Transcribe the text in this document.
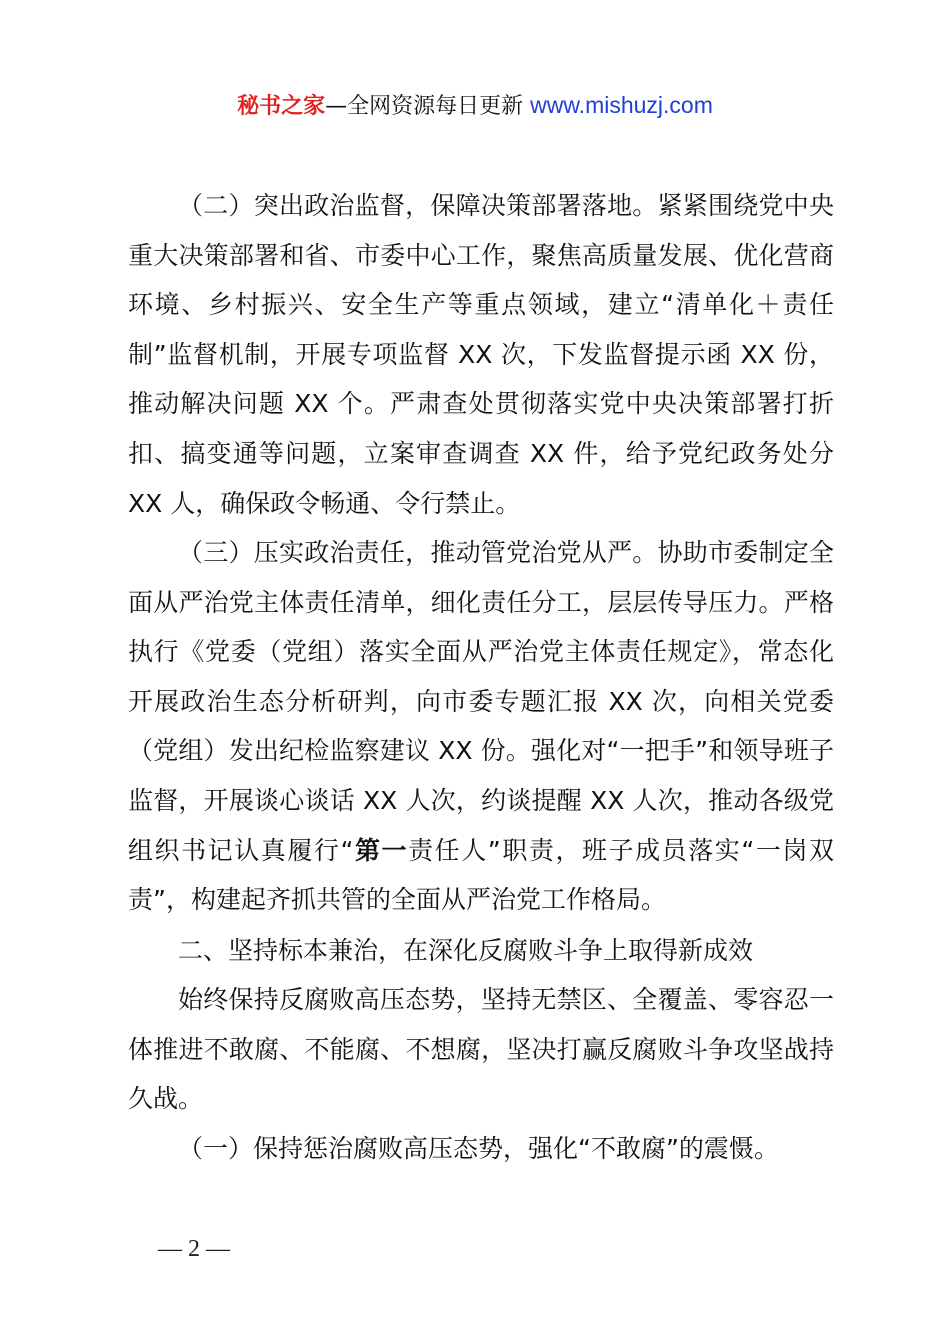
秘书之家—全网资源每日更新 www.mishuzj.com

（二）突出政治监督，保障决策部署落地。紧紧围绕党中央重大决策部署和省、市委中心工作，聚焦高质量发展、优化营商环境、乡村振兴、安全生产等重点领域，建立“清单化＋责任制”监督机制，开展专项监督 XX 次，下发监督提示函 XX 份，推动解决问题 XX 个。严肃查处贯彻落实党中央决策部署打折扣、搞变通等问题，立案审查调查 XX 件，给予党纪政务处分 XX 人，确保政令畅通、令行禁止。

（三）压实政治责任，推动管党治党从严。协助市委制定全面从严治党主体责任清单，细化责任分工，层层传导压力。严格执行《党委（党组）落实全面从严治党主体责任规定》，常态化开展政治生态分析研判，向市委专题汇报 XX 次，向相关党委（党组）发出纪检监察建议 XX 份。强化对“一把手”和领导班子监督，开展谈心谈话 XX 人次，约谈提醒 XX 人次，推动各级党组织书记认真履行“第一责任人”职责，班子成员落实“一岗双责”，构建起齐抓共管的全面从严治党工作格局。

二、坚持标本兼治，在深化反腐败斗争上取得新成效

始终保持反腐败高压态势，坚持无禁区、全覆盖、零容忍一体推进不敢腐、不能腐、不想腐，坚决打赢反腐败斗争攻坚战持久战。

（一）保持惩治腐败高压态势，强化“不敢腐”的震慑。

— 2 —
